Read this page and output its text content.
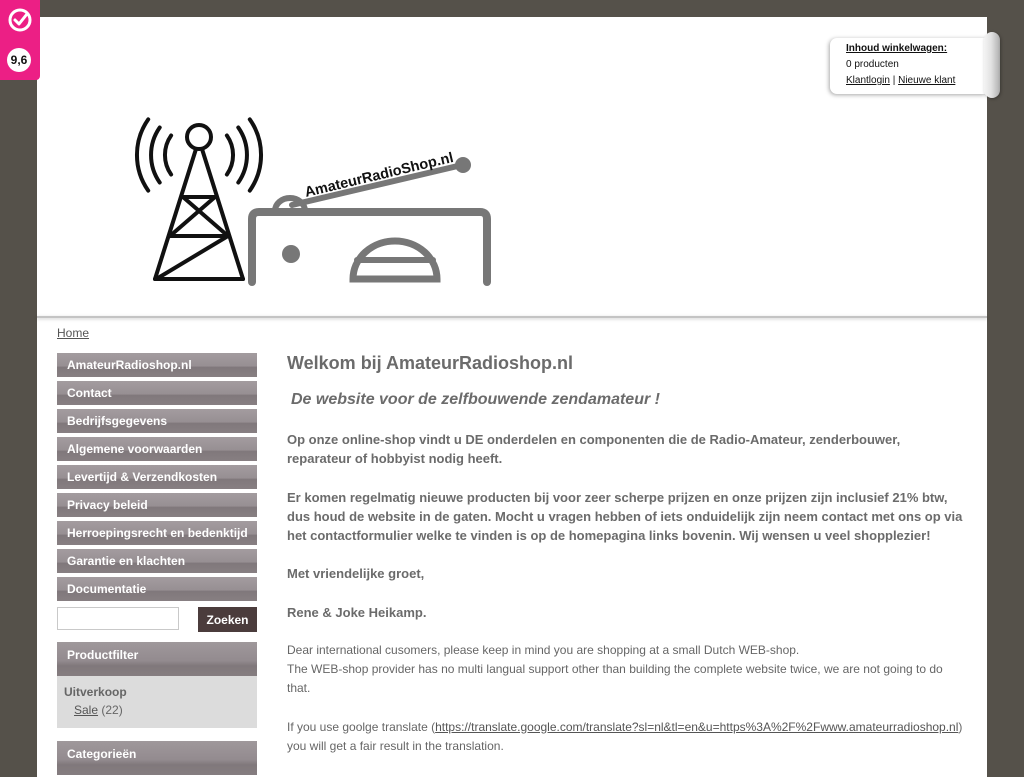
9,6
AmateurRadioShop.nl
Home
AmateurRadioshop.nl
Contact
Bedrijfsgegevens
Algemene voorwaarden
Levertijd & Verzendkosten
Privacy beleid
Herroepingsrecht en bedenktijd
Garantie en klachten
Documentatie
Zoeken
Productfilter
Uitverkoop
Sale (22)
Categorieën
Welkom bij AmateurRadioshop.nl
De website voor de zelfbouwende zendamateur !
Op onze online-shop vindt u DE onderdelen en componenten die de Radio-Amateur, zenderbouwer, reparateur of hobbyist nodig heeft.
Er komen regelmatig nieuwe producten bij voor zeer scherpe prijzen en onze prijzen zijn inclusief 21% btw, dus houd de website in de gaten. Mocht u vragen hebben of iets onduidelijk zijn neem contact met ons op via het contactformulier welke te vinden is op de homepagina links bovenin. Wij wensen u veel shopplezier!
Met vriendelijke groet,
Rene & Joke Heikamp.
Dear international cusomers, please keep in mind you are shopping at a small Dutch WEB-shop.
The WEB-shop provider has no multi langual support other than building the complete website twice, we are not going to do that.
If you use goolge translate (https://translate.google.com/translate?sl=nl&tl=en&u=https%3A%2F%2Fwww.amateurradioshop.nl) you will get a fair result in the translation.
Inhoud winkelwagen:
0 producten
Klantlogin | Nieuwe klant
